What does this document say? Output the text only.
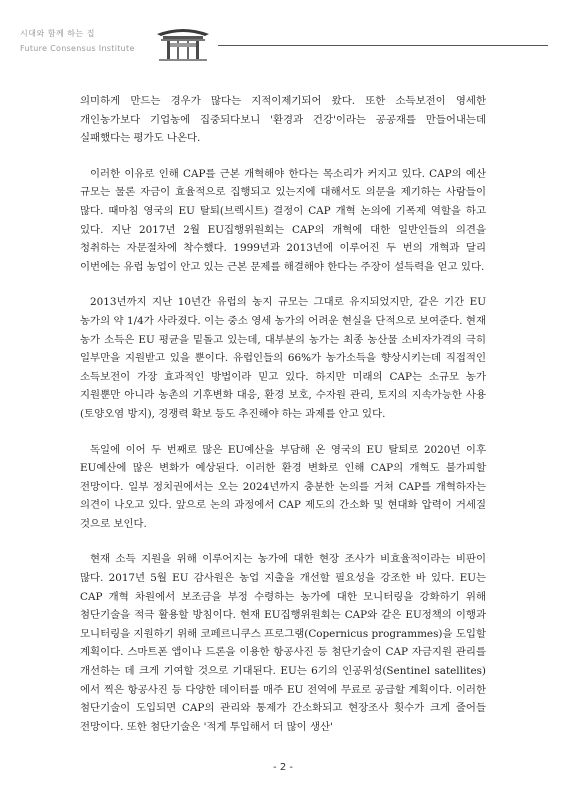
시대와 함께 하는 집
Future Consensus Institute

의미하게 만드는 경우가 많다는 지적이제기되어 왔다. 또한 소득보전이 영세한 개인농가보다 기업농에 집중되다보니 '환경과 건강'이라는 공공재를 만들어내는데 실패했다는 평가도 나온다.

이러한 이유로 인해 CAP를 근본 개혁해야 한다는 목소리가 커지고 있다. CAP의 예산 규모는 물론 자금이 효율적으로 집행되고 있는지에 대해서도 의문을 제기하는 사람들이 많다. 때마침 영국의 EU 탈퇴(브렉시트) 결정이 CAP 개혁 논의에 기폭제 역할을 하고 있다. 지난 2017년 2월 EU집행위원회는 CAP의 개혁에 대한 일반인들의 의견을 청취하는 자문절차에 착수했다. 1999년과 2013년에 이루어진 두 번의 개혁과 달리 이번에는 유럽 농업이 안고 있는 근본 문제를 해결해야 한다는 주장이 설득력을 얻고 있다.

2013년까지 지난 10년간 유럽의 농지 규모는 그대로 유지되었지만, 같은 기간 EU 농가의 약 1/4가 사라졌다. 이는 중소 영세 농가의 어려운 현실을 단적으로 보여준다. 현재 농가 소득은 EU 평균을 밑돌고 있는데, 대부분의 농가는 최종 농산물 소비자가격의 극히 일부만을 지원받고 있을 뿐이다. 유럽인들의 66%가 농가소득을 향상시키는데 직접적인 소득보전이 가장 효과적인 방법이라 믿고 있다. 하지만 미래의 CAP는 소규모 농가 지원뿐만 아니라 농촌의 기후변화 대응, 환경 보호, 수자원 관리, 토지의 지속가능한 사용(토양오염 방지), 경쟁력 확보 등도 추진해야 하는 과제를 안고 있다.

독일에 이어 두 번째로 많은 EU예산을 부담해 온 영국의 EU 탈퇴로 2020년 이후 EU예산에 많은 변화가 예상된다. 이러한 환경 변화로 인해 CAP의 개혁도 불가피할 전망이다. 일부 정치권에서는 오는 2024년까지 충분한 논의를 거쳐 CAP를 개혁하자는 의견이 나오고 있다. 앞으로 논의 과정에서 CAP 제도의 간소화 및 현대화 압력이 거세질 것으로 보인다.

현재 소득 지원을 위해 이루어지는 농가에 대한 현장 조사가 비효율적이라는 비판이 많다. 2017년 5월 EU 감사원은 농업 지출을 개선할 필요성을 강조한 바 있다. EU는 CAP 개혁 차원에서 보조금을 부정 수령하는 농가에 대한 모니터링을 강화하기 위해 첨단기술을 적극 활용할 방침이다. 현재 EU집행위원회는 CAP와 같은 EU정책의 이행과 모니터링을 지원하기 위해 코페르니쿠스 프로그램(Copernicus programmes)을 도입할 계획이다. 스마트폰 앱이나 드론을 이용한 항공사진 등 첨단기술이 CAP 자금지원 관리를 개선하는 데 크게 기여할 것으로 기대된다. EU는 6기의 인공위성(Sentinel satellites)에서 찍은 항공사진 등 다양한 데이터를 매주 EU 전역에 무료로 공급할 계획이다. 이러한 첨단기술이 도입되면 CAP의 관리와 통제가 간소화되고 현장조사 횟수가 크게 줄어들 전망이다. 또한 첨단기술은 '적게 투입해서 더 많이 생산'

- 2 -
